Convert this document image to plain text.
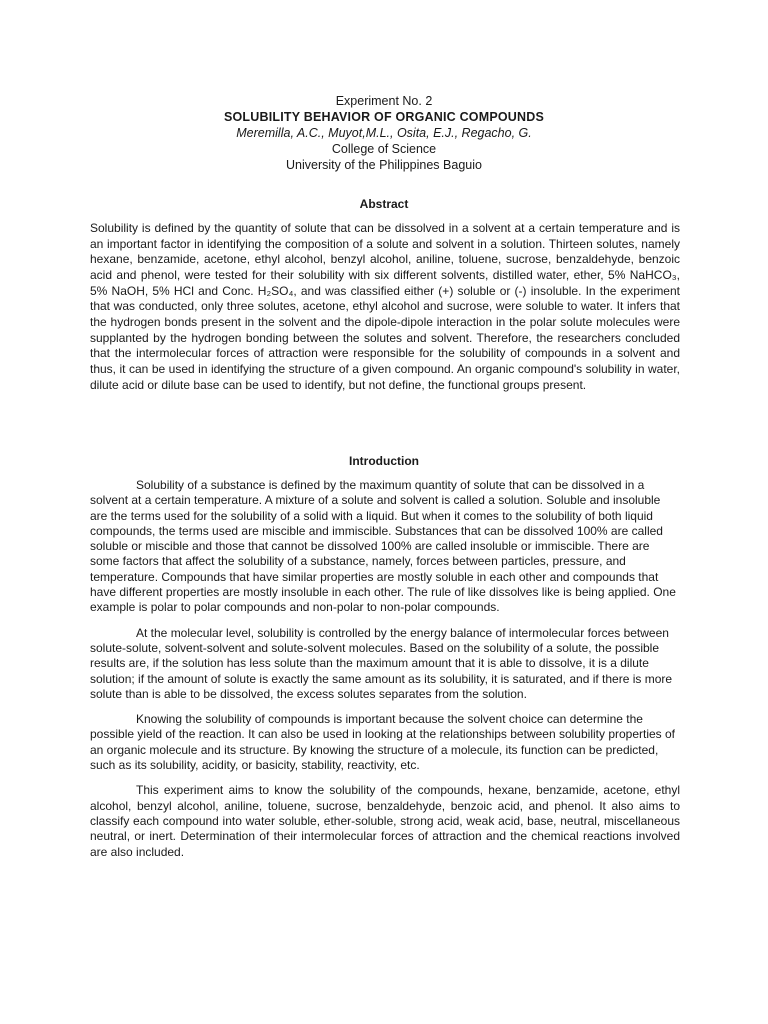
Experiment No. 2
SOLUBILITY BEHAVIOR OF ORGANIC COMPOUNDS
Meremilla, A.C., Muyot,M.L., Osita, E.J., Regacho, G.
College of Science
University of the Philippines Baguio
Abstract

Solubility is defined by the quantity of solute that can be dissolved in a solvent at a certain temperature and is an important factor in identifying the composition of a solute and solvent in a solution. Thirteen solutes, namely hexane, benzamide, acetone, ethyl alcohol, benzyl alcohol, aniline, toluene, sucrose, benzaldehyde, benzoic acid and phenol, were tested for their solubility with six different solvents, distilled water, ether, 5% NaHCO₃, 5% NaOH, 5% HCl and Conc. H₂SO₄, and was classified either (+) soluble or (-) insoluble. In the experiment that was conducted, only three solutes, acetone, ethyl alcohol and sucrose, were soluble to water. It infers that the hydrogen bonds present in the solvent and the dipole-dipole interaction in the polar solute molecules were supplanted by the hydrogen bonding between the solutes and solvent. Therefore, the researchers concluded that the intermolecular forces of attraction were responsible for the solubility of compounds in a solvent and thus, it can be used in identifying the structure of a given compound. An organic compound's solubility in water, dilute acid or dilute base can be used to identify, but not define, the functional groups present.

Introduction

Solubility of a substance is defined by the maximum quantity of solute that can be dissolved in a solvent at a certain temperature. A mixture of a solute and solvent is called a solution. Soluble and insoluble are the terms used for the solubility of a solid with a liquid. But when it comes to the solubility of both liquid compounds, the terms used are miscible and immiscible. Substances that can be dissolved 100% are called soluble or miscible and those that cannot be dissolved 100% are called insoluble or immiscible. There are some factors that affect the solubility of a substance, namely, forces between particles, pressure, and temperature. Compounds that have similar properties are mostly soluble in each other and compounds that have different properties are mostly insoluble in each other. The rule of like dissolves like is being applied. One example is polar to polar compounds and non-polar to non-polar compounds.

At the molecular level, solubility is controlled by the energy balance of intermolecular forces between solute-solute, solvent-solvent and solute-solvent molecules. Based on the solubility of a solute, the possible results are, if the solution has less solute than the maximum amount that it is able to dissolve, it is a dilute solution; if the amount of solute is exactly the same amount as its solubility, it is saturated, and if there is more solute than is able to be dissolved, the excess solutes separates from the solution.

Knowing the solubility of compounds is important because the solvent choice can determine the possible yield of the reaction. It can also be used in looking at the relationships between solubility properties of an organic molecule and its structure. By knowing the structure of a molecule, its function can be predicted, such as its solubility, acidity, or basicity, stability, reactivity, etc.

This experiment aims to know the solubility of the compounds, hexane, benzamide, acetone, ethyl alcohol, benzyl alcohol, aniline, toluene, sucrose, benzaldehyde, benzoic acid, and phenol. It also aims to classify each compound into water soluble, ether-soluble, strong acid, weak acid, base, neutral, miscellaneous neutral, or inert. Determination of their intermolecular forces of attraction and the chemical reactions involved are also included.
